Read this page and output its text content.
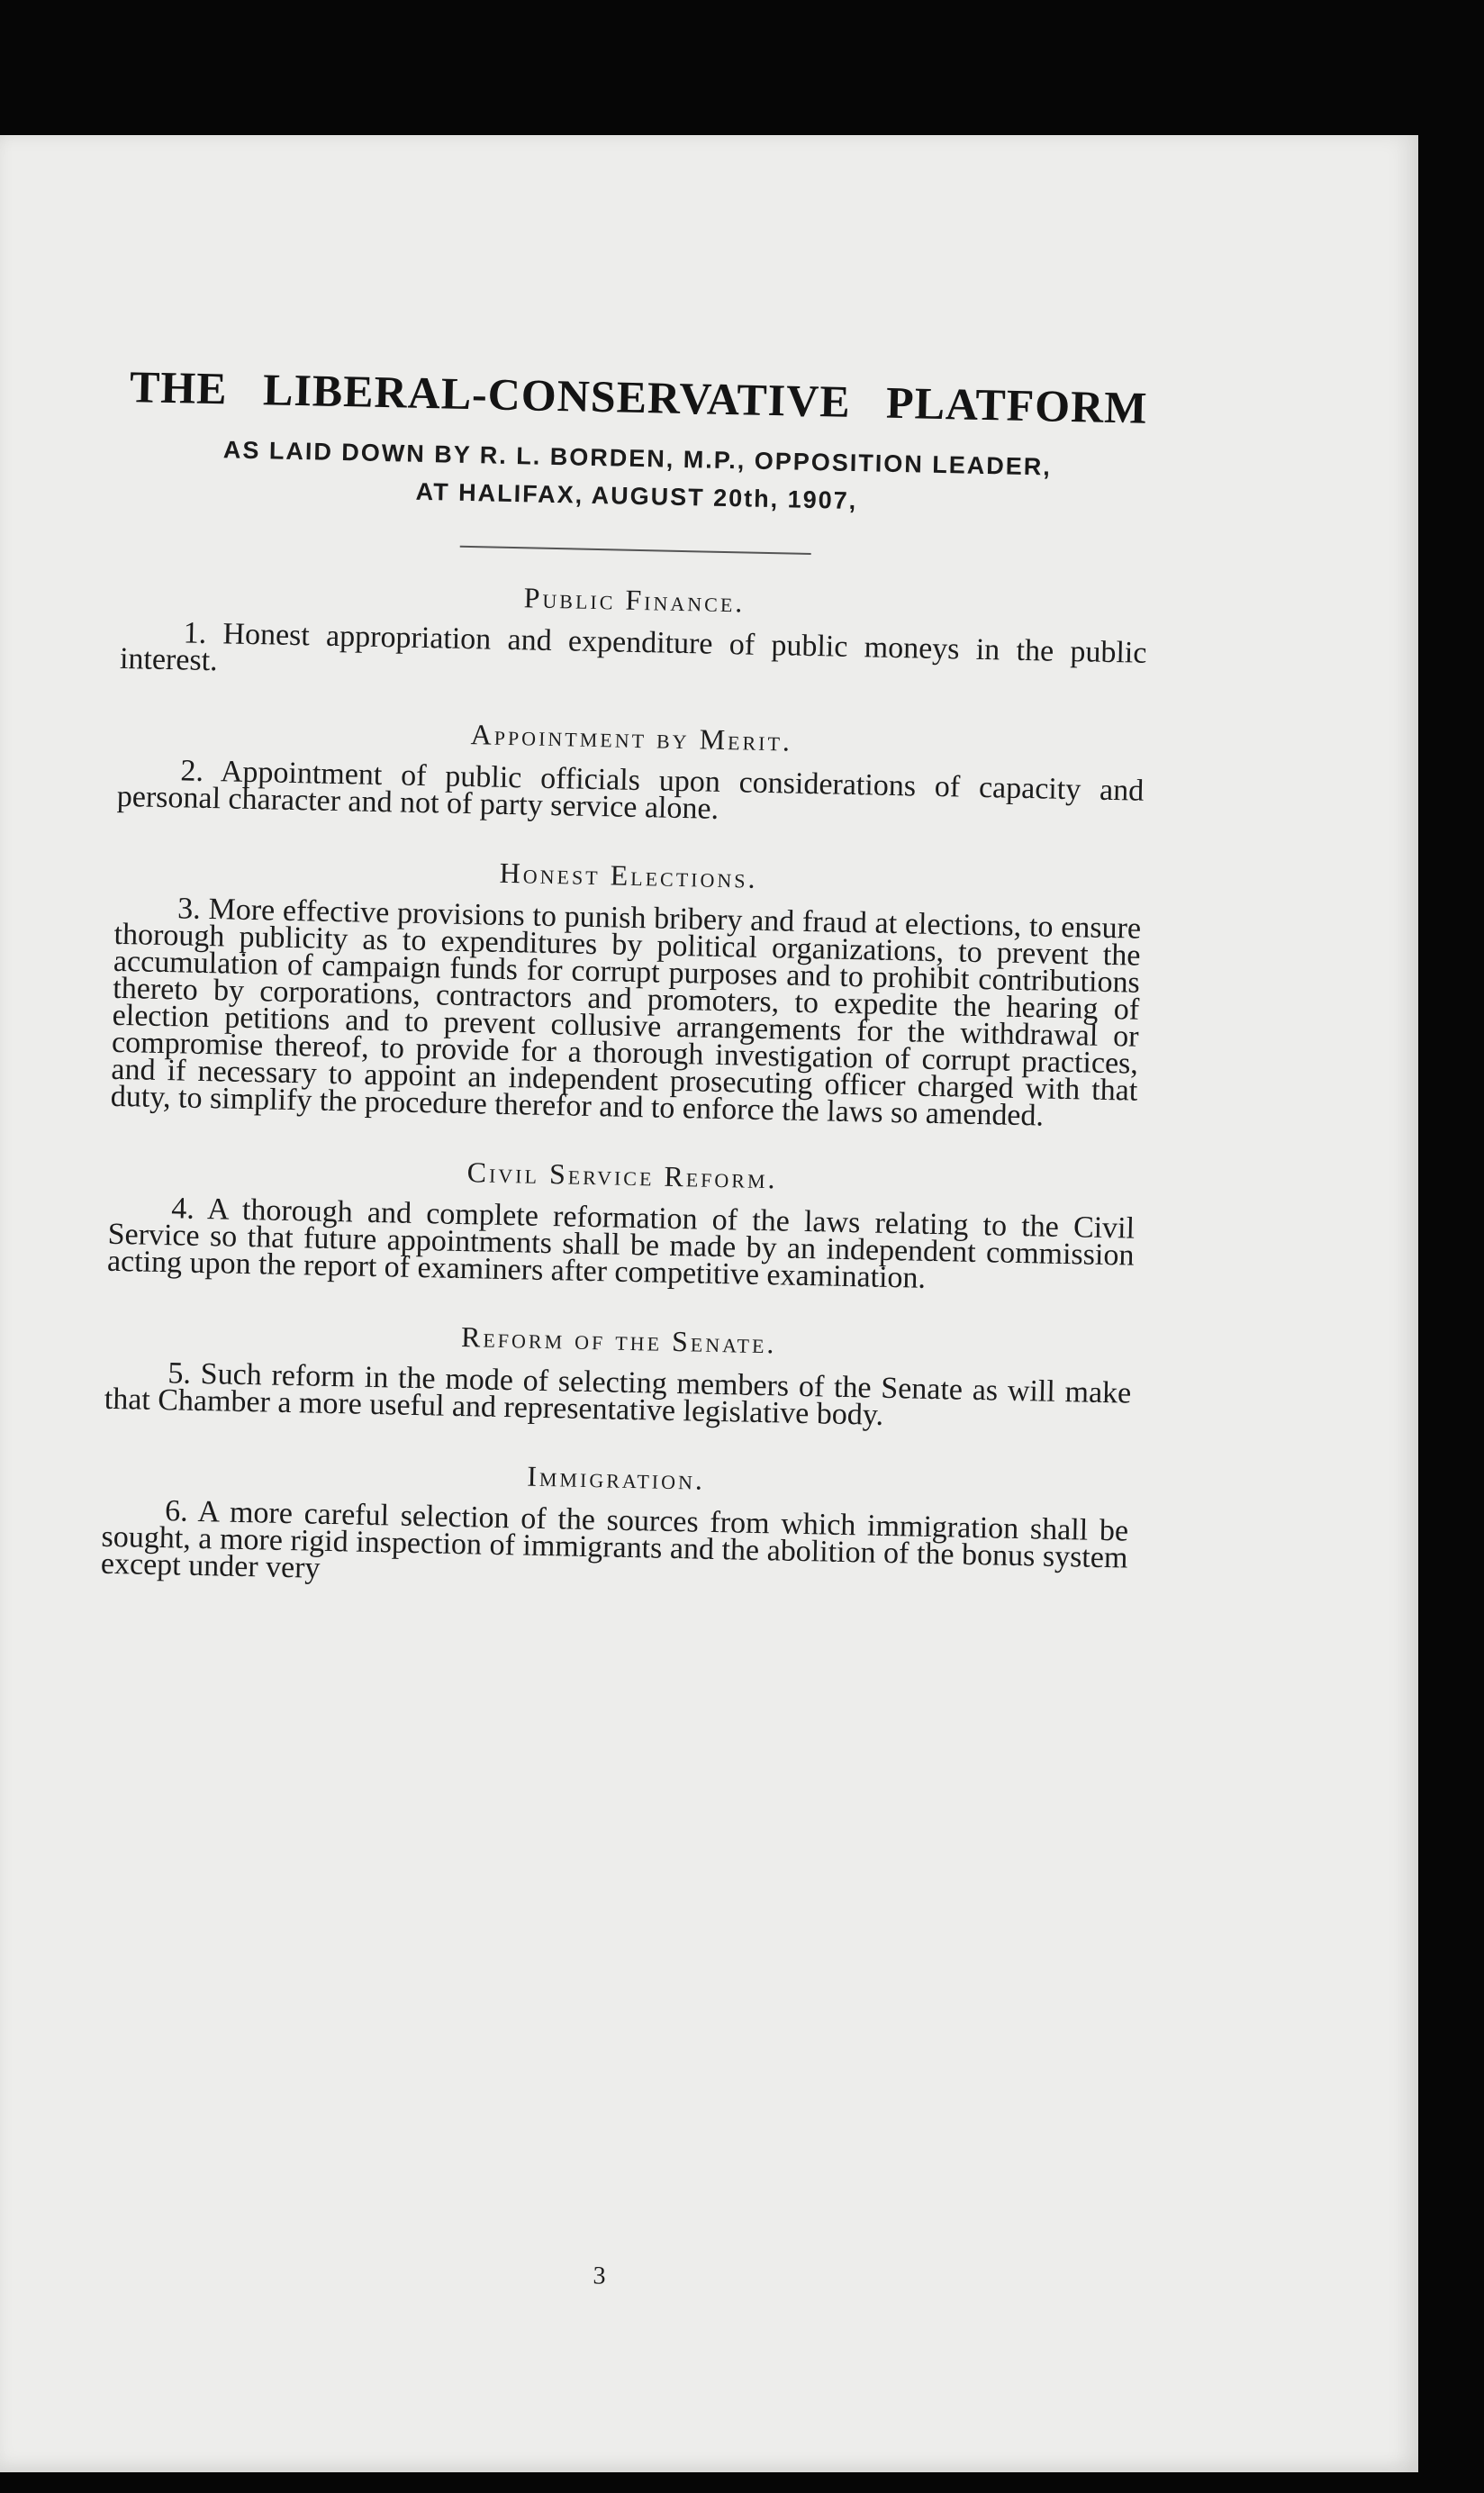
THE LIBERAL-CONSERVATIVE PLATFORM
AS LAID DOWN BY R. L. BORDEN, M.P., OPPOSITION LEADER,
AT HALIFAX, AUGUST 20th, 1907,
Public Finance.

1. Honest appropriation and expenditure of public moneys in the public interest.

Appointment by Merit.

2. Appointment of public officials upon considerations of capacity and personal character and not of party service alone.

Honest Elections.

3. More effective provisions to punish bribery and fraud at elections, to ensure thorough publicity as to expenditures by political organizations, to prevent the accumulation of campaign funds for corrupt purposes and to prohibit contributions thereto by corporations, contractors and promoters, to expedite the hearing of election petitions and to prevent collusive arrangements for the withdrawal or compromise thereof, to provide for a thorough investigation of corrupt practices, and if necessary to appoint an independent prosecuting officer charged with that duty, to simplify the procedure therefor and to enforce the laws so amended.

Civil Service Reform.

4. A thorough and complete reformation of the laws relating to the Civil Service so that future appointments shall be made by an independent commission acting upon the report of examiners after competitive examination.

Reform of the Senate.

5. Such reform in the mode of selecting members of the Senate as will make that Chamber a more useful and representative legislative body.

Immigration.

6. A more careful selection of the sources from which immigration shall be sought, a more rigid inspection of immigrants and the abolition of the bonus system except under very

3
